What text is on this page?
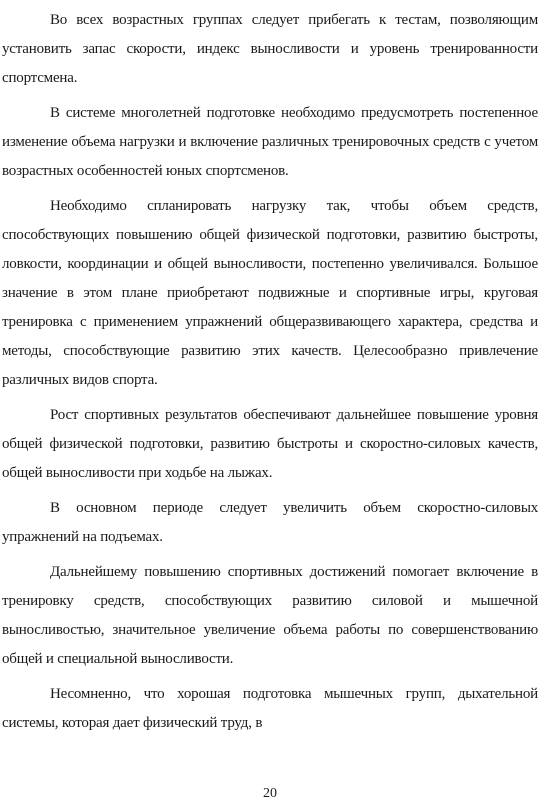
Во всех возрастных группах следует прибегать к тестам, позволяющим установить запас скорости, индекс выносливости и уровень тренированности спортсмена.

В системе многолетней подготовке необходимо предусмотреть постепенное изменение объема нагрузки и включение различных тренировочных средств с учетом возрастных особенностей юных спортсменов.

Необходимо спланировать нагрузку так, чтобы объем средств, способствующих повышению общей физической подготовки, развитию быстроты, ловкости, координации и общей выносливости, постепенно увеличивался. Большое значение в этом плане приобретают подвижные и спортивные игры, круговая тренировка с применением упражнений общеразвивающего характера, средства и методы, способствующие развитию этих качеств. Целесообразно привлечение различных видов спорта.

Рост спортивных результатов обеспечивают дальнейшее повышение уровня общей физической подготовки, развитию быстроты и скоростно-силовых качеств, общей выносливости при ходьбе на лыжах.

В основном периоде следует увеличить объем скоростно-силовых упражнений на подъемах.

Дальнейшему повышению спортивных достижений помогает включение в тренировку средств, способствующих развитию силовой и мышечной выносливостью, значительное увеличение объема работы по совершенствованию общей и специальной выносливости.

Несомненно, что хорошая подготовка мышечных групп, дыхательной системы, которая дает физический труд, в

20
